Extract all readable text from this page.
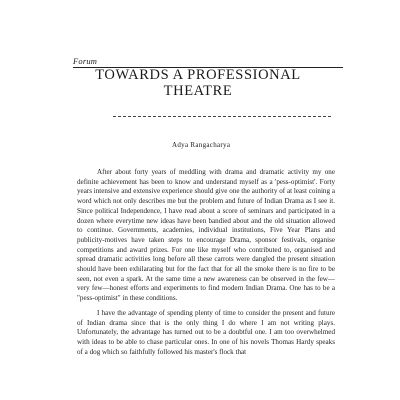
Forum
TOWARDS A PROFESSIONAL THEATRE
Adya Rangacharya

After about forty years of meddling with drama and dramatic activity my one definite achievement has been to know and understand myself as a 'pess-optimist'. Forty years intensive and extensive experience should give one the authority of at least coining a word which not only describes me but the problem and future of Indian Drama as I see it. Since political Independence, I have read about a score of seminars and participated in a dozen where everytime new ideas have been bandied about and the old situation allowed to continue. Governments, academies, individual institutions, Five Year Plans and publicity-motives have taken steps to encourage Drama, sponsor festivals, organise competitions and award prizes. For one like myself who contributed to, organised and spread dramatic activities long before all these carrots were dangled the present situation should have been exhilarating but for the fact that for all the smoke there is no fire to be seen, not even a spark. At the same time a new awareness can be observed in the few—very few—honest efforts and experiments to find modern Indian Drama. One has to be a "pess-optimist" in these conditions.

I have the advantage of spending plenty of time to consider the present and future of Indian drama since that is the only thing I do where I am not writing plays. Unfortunately, the advantage has turned out to be a doubtful one. I am too overwhelmed with ideas to be able to chase particular ones. In one of his novels Thomas Hardy speaks of a dog which so faithfully followed his master's flock that
